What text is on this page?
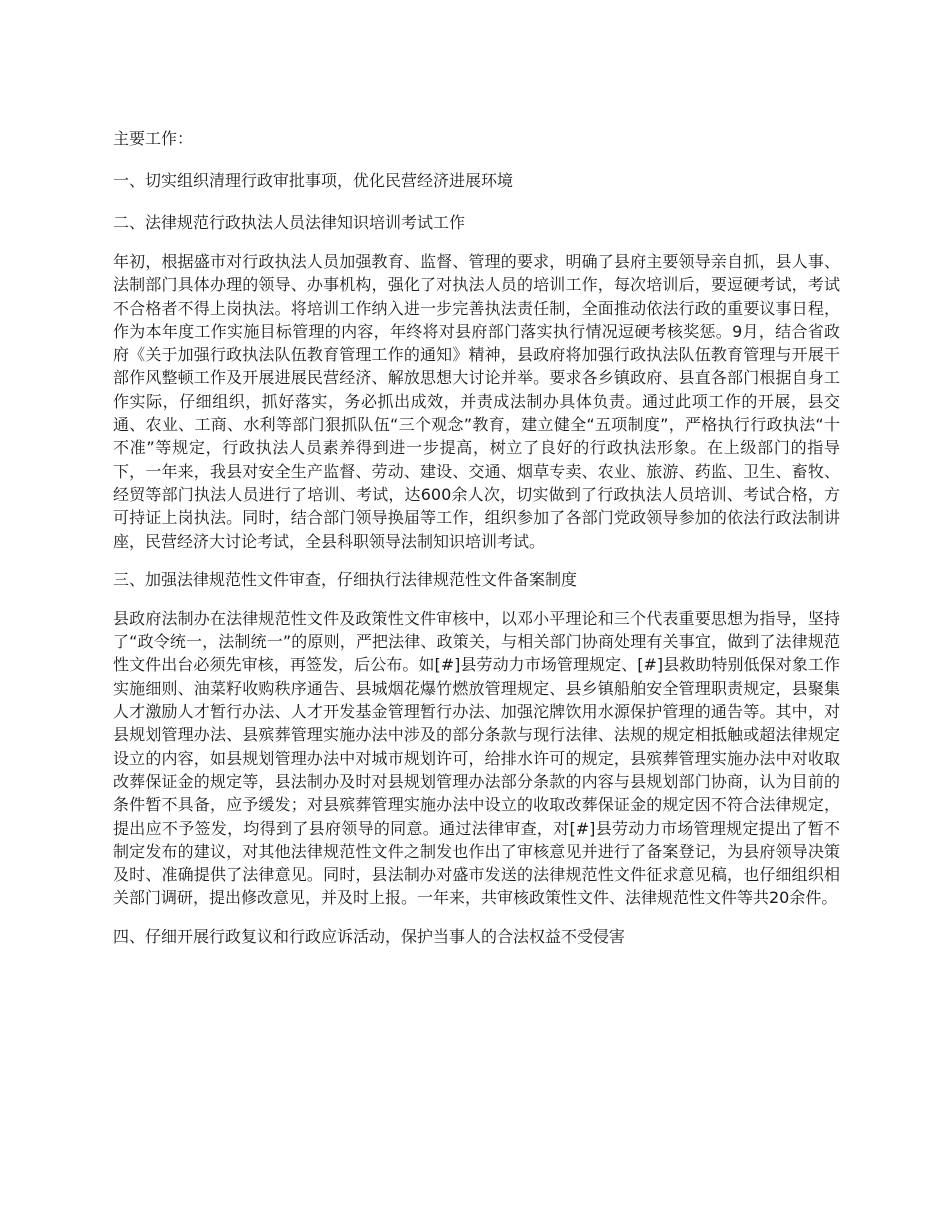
主要工作：
一、切实组织清理行政审批事项，优化民营经济进展环境
二、法律规范行政执法人员法律知识培训考试工作
年初，根据盛市对行政执法人员加强教育、监督、管理的要求，明确了县府主要领导亲自抓，县人事、法制部门具体办理的领导、办事机构，强化了对执法人员的培训工作，每次培训后，要逗硬考试，考试不合格者不得上岗执法。将培训工作纳入进一步完善执法责任制，全面推动依法行政的重要议事日程，作为本年度工作实施目标管理的内容，年终将对县府部门落实执行情况逗硬考核奖惩。9月，结合省政府《关于加强行政执法队伍教育管理工作的通知》精神，县政府将加强行政执法队伍教育管理与开展干部作风整顿工作及开展进展民营经济、解放思想大讨论并举。要求各乡镇政府、县直各部门根据自身工作实际，仔细组织，抓好落实，务必抓出成效，并责成法制办具体负责。通过此项工作的开展，县交通、农业、工商、水利等部门狠抓队伍“三个观念”教育，建立健全“五项制度”，严格执行行政执法“十不准”等规定，行政执法人员素养得到进一步提高，树立了良好的行政执法形象。在上级部门的指导下，一年来，我县对安全生产监督、劳动、建设、交通、烟草专卖、农业、旅游、药监、卫生、畜牧、经贸等部门执法人员进行了培训、考试，达600余人次，切实做到了行政执法人员培训、考试合格，方可持证上岗执法。同时，结合部门领导换届等工作，组织参加了各部门党政领导参加的依法行政法制讲座，民营经济大讨论考试，全县科职领导法制知识培训考试。
三、加强法律规范性文件审查，仔细执行法律规范性文件备案制度
县政府法制办在法律规范性文件及政策性文件审核中，以邓小平理论和三个代表重要思想为指导，坚持了“政令统一，法制统一”的原则，严把法律、政策关，与相关部门协商处理有关事宜，做到了法律规范性文件出台必须先审核，再签发，后公布。如[#]县劳动力市场管理规定、[#]县救助特别低保对象工作实施细则、油菜籽收购秩序通告、县城烟花爆竹燃放管理规定、县乡镇船舶安全管理职责规定，县聚集人才激励人才暂行办法、人才开发基金管理暂行办法、加强沱牌饮用水源保护管理的通告等。其中，对县规划管理办法、县殡葬管理实施办法中涉及的部分条款与现行法律、法规的规定相抵触或超法律规定设立的内容，如县规划管理办法中对城市规划许可，给排水许可的规定，县殡葬管理实施办法中对收取改葬保证金的规定等，县法制办及时对县规划管理办法部分条款的内容与县规划部门协商，认为目前的条件暂不具备，应予缓发；对县殡葬管理实施办法中设立的收取改葬保证金的规定因不符合法律规定，提出应不予签发，均得到了县府领导的同意。通过法律审查，对[#]县劳动力市场管理规定提出了暂不制定发布的建议，对其他法律规范性文件之制发也作出了审核意见并进行了备案登记，为县府领导决策及时、准确提供了法律意见。同时，县法制办对盛市发送的法律规范性文件征求意见稿，也仔细组织相关部门调研，提出修改意见，并及时上报。一年来，共审核政策性文件、法律规范性文件等共20余件。
四、仔细开展行政复议和行政应诉活动，保护当事人的合法权益不受侵害
